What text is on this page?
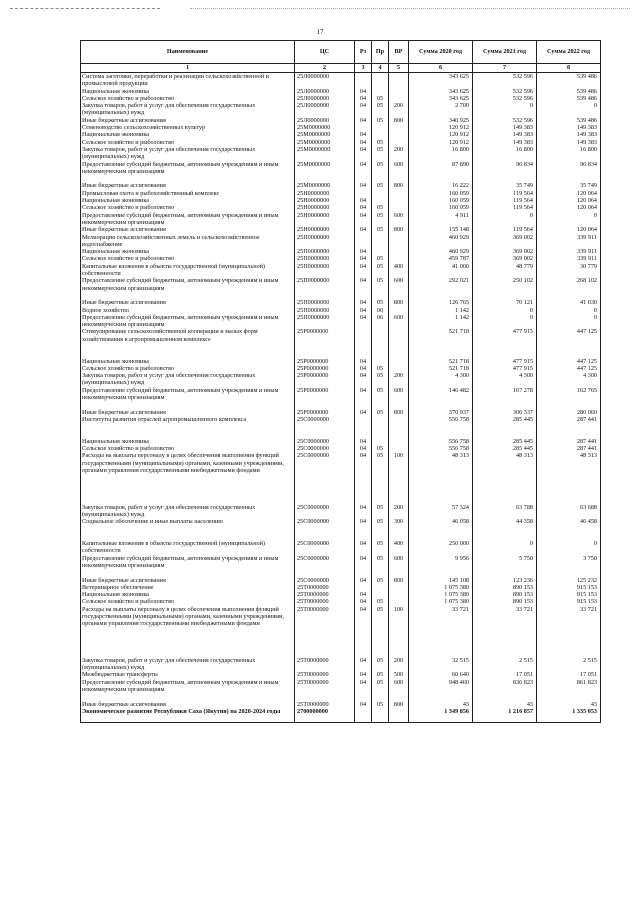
17
Наименование	ЦС	Рз	Пр	ВР	Сумма 2020 год	Сумма 2021 год	Сумма 2022 год
1	2	3	4	5	6	7	8
Система заготовки, переработки и реализации сельскохозяйственной и промысловой продукции	25Л0000000				343 625	532 596	539 486
Национальная экономика	25Л0000000	04			343 625	532 596	539 486
Сельское хозяйство и рыболовство	25Л0000000	04	05		343 625	532 596	539 486
Закупка товаров, работ и услуг для обеспечения государственных (муниципальных) нужд	25Л0000000	04	05	200	2 700	0	0
Иные бюджетные ассигнования	25Л0000000	04	05	800	340 925	532 596	539 486
Семеноводство сельскохозяйственных культур	25М0000000				120 912	149 383	149 383
Национальная экономика	25М0000000	04			120 912	149 383	149 383
Сельское хозяйство и рыболовство	25М0000000	04	05		120 912	149 383	149 383
Закупка товаров, работ и услуг для обеспечения государственных (муниципальных) нужд	25М0000000	04	05	200	16 800	16 800	16 800
Предоставление субсидий бюджетным, автономным учреждениям и иным некоммерческим организациям	25М0000000	04	05	600	87 890	96 834	96 834
Иные бюджетные ассигнования	25М0000000	04	05	800	16 222	35 749	35 749
Промысловая охота и рыбохозяйственный комплекс	25Н0000000				160 059	119 564	120 064
Национальная экономика	25Н0000000	04			160 059	119 564	120 064
Сельское хозяйство и рыболовство	25Н0000000	04	05		160 059	119 564	120 064
Предоставление субсидий бюджетным, автономным учреждениям и иным некоммерческим организациям	25Н0000000	04	05	600	4 911	0	0
Иные бюджетные ассигнования	25Н0000000	04	05	800	155 148	119 564	120 064
Мелиорация сельскохозяйственных земель и сельскохозяйственное водоснабжение	25П0000000				460 929	369 002	339 911
Национальная экономика	25П0000000	04			460 929	369 002	339 911
Сельское хозяйство и рыболовство	25П0000000	04	05		459 787	369 002	339 911
Капитальные вложения в объекты государственной (муниципальной) собственности	25П0000000	04	05	400	41 000	48 779	30 779
Предоставление субсидий бюджетным, автономным учреждениям и иным некоммерческим организациям	25П0000000	04	05	600	292 021	250 102	268 102
Иные бюджетные ассигнования	25П0000000	04	05	800	126 765	70 121	41 030
Водное хозяйство	25П0000000	04	06		1 142	0	0
Предоставление субсидий бюджетным, автономным учреждениям и иным некоммерческим организациям	25П0000000	04	06	600	1 142	0	0
Стимулирование сельскохозяйственной кооперации и малых форм хозяйствования в агропромышленном комплексе	25Р0000000				521 718	477 915	447 125
Национальная экономика	25Р0000000	04			521 718	477 915	447 125
Сельское хозяйство и рыболовство	25Р0000000	04	05		521 718	477 915	447 125
Закупка товаров, работ и услуг для обеспечения государственных (муниципальных) нужд	25Р0000000	04	05	200	4 300	4 300	4 300
Предоставление субсидий бюджетным, автономным учреждениям и иным некоммерческим организациям	25Р0000000	04	05	600	146 482	167 278	162 765
Иные бюджетные ассигнования	25Р0000000	04	05	800	370 937	306 337	280 060
Институты развития отраслей агропромышленного комплекса	25С0000000				556 758	285 445	287 441
Национальная экономика	25С0000000	04			556 758	285 445	287 441
Сельское хозяйство и рыболовство	25С0000000	04	05		556 758	285 445	287 441
Расходы на выплаты персоналу в целях обеспечения выполнения функций государственными (муниципальными) органами, казенными учреждениями, органами управления государственными внебюджетными фондами	25С0000000	04	05	100	48 313	48 313	48 313
Закупка товаров, работ и услуг для обеспечения государственных (муниципальных) нужд	25С0000000	04	05	200	57 324	63 788	63 688
Социальное обеспечение и иные выплаты населению	25С0000000	04	05	300	46 058	44 358	46 458
Капитальные вложения в объекты государственной (муниципальной) собственности	25С0000000	04	05	400	250 000	0	0
Предоставление субсидий бюджетным, автономным учреждениям и иным некоммерческим организациям	25С0000000	04	05	600	9 956	5 750	3 750
Иные бюджетные ассигнования	25С0000000	04	05	800	145 108	123 236	125 232
Ветеринарное обеспечение	25Т0000000				1 075 380	890 153	915 153
Национальная экономика	25Т0000000	04			1 075 380	890 153	915 153
Сельское хозяйство и рыболовство	25Т0000000	04	05		1 075 380	890 153	915 153
Расходы на выплаты персоналу в целях обеспечения выполнения функций государственными (муниципальными) органами, казенными учреждениями, органами управления государственными внебюджетными фондами	25Т0000000	04	05	100	33 721	33 721	33 721
Закупка товаров, работ и услуг для обеспечения государственных (муниципальных) нужд	25Т0000000	04	05	200	32 515	2 515	2 515
Межбюджетные трансферты	25Т0000000	04	05	500	60 640	17 051	17 051
Предоставление субсидий бюджетным, автономным учреждениям и иным некоммерческим организациям	25Т0000000	04	05	600	948 460	836 823	861 823
Иные бюджетные ассигнования	25Т0000000	04	05	800	43	43	43
Экономическое развитие Республики Саха (Якутия) на 2020-2024 годы	2700000000				1 349 856	1 216 857	1 335 053
